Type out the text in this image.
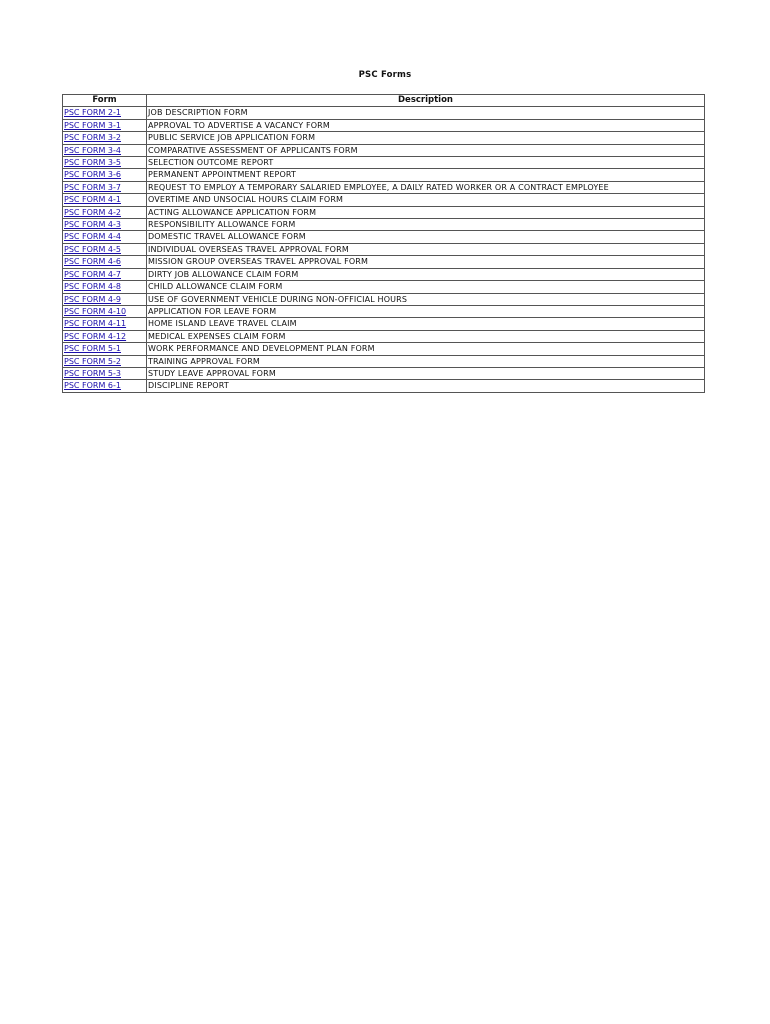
PSC Forms
Form	Description
PSC FORM 2-1	JOB DESCRIPTION FORM
PSC FORM 3-1	APPROVAL TO ADVERTISE A VACANCY FORM
PSC FORM 3-2	PUBLIC SERVICE JOB APPLICATION FORM
PSC FORM 3-4	COMPARATIVE ASSESSMENT OF APPLICANTS FORM
PSC FORM 3-5	SELECTION OUTCOME REPORT
PSC FORM 3-6	PERMANENT APPOINTMENT REPORT
PSC FORM 3-7	REQUEST TO EMPLOY A TEMPORARY SALARIED EMPLOYEE, A DAILY RATED WORKER OR A CONTRACT EMPLOYEE
PSC FORM 4-1	OVERTIME AND UNSOCIAL HOURS CLAIM FORM
PSC FORM 4-2	ACTING ALLOWANCE APPLICATION FORM
PSC FORM 4-3	RESPONSIBILITY ALLOWANCE FORM
PSC FORM 4-4	DOMESTIC TRAVEL ALLOWANCE FORM
PSC FORM 4-5	INDIVIDUAL OVERSEAS TRAVEL APPROVAL FORM
PSC FORM 4-6	MISSION GROUP OVERSEAS TRAVEL APPROVAL FORM
PSC FORM 4-7	DIRTY JOB ALLOWANCE CLAIM FORM
PSC FORM 4-8	CHILD ALLOWANCE CLAIM FORM
PSC FORM 4-9	USE OF GOVERNMENT VEHICLE DURING NON-OFFICIAL HOURS
PSC FORM 4-10	APPLICATION FOR LEAVE FORM
PSC FORM 4-11	HOME ISLAND LEAVE TRAVEL CLAIM
PSC FORM 4-12	MEDICAL EXPENSES CLAIM FORM
PSC FORM 5-1	WORK PERFORMANCE AND DEVELOPMENT PLAN FORM
PSC FORM 5-2	TRAINING APPROVAL FORM
PSC FORM 5-3	STUDY LEAVE APPROVAL FORM
PSC FORM 6-1	DISCIPLINE REPORT
